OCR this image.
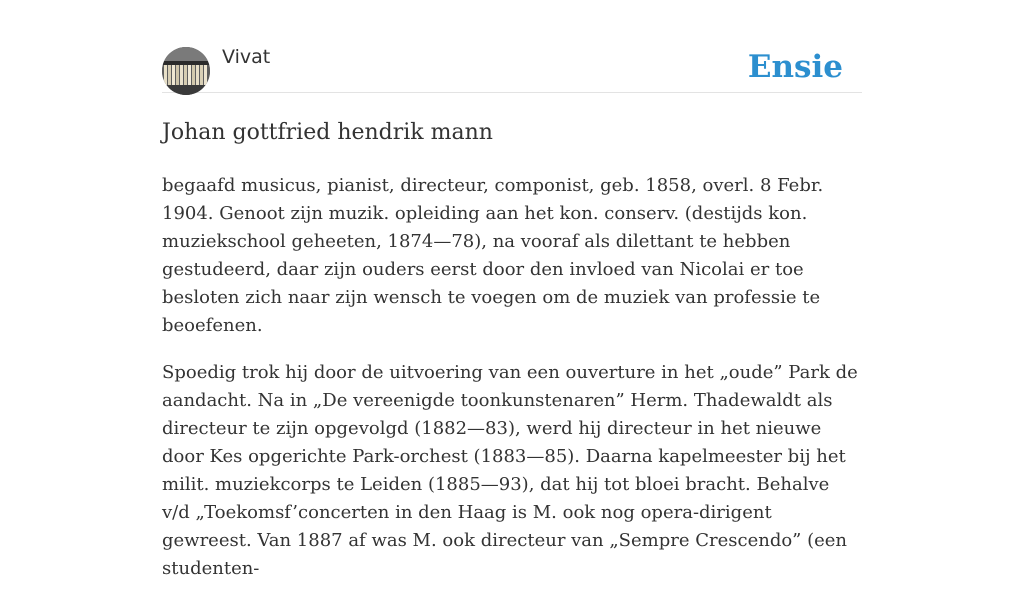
Vivat	Ensie
Johan gottfried hendrik mann

begaafd musicus, pianist, directeur, componist, geb. 1858, overl. 8 Febr. 1904. Genoot zijn muzik. opleiding aan het kon. conserv. (destijds kon. muziekschool geheeten, 1874—78), na vooraf als dilettant te hebben gestudeerd, daar zijn ouders eerst door den invloed van Nicolai er toe besloten zich naar zijn wensch te voegen om de muziek van professie te beoefenen.

Spoedig trok hij door de uitvoering van een ouverture in het „oude” Park de aandacht. Na in „De vereenigde toonkunstenaren” Herm. Thadewaldt als directeur te zijn opgevolgd (1882—83), werd hij directeur in het nieuwe door Kes opgerichte Park-orchest (1883—85). Daarna kapelmeester bij het milit. muziekcorps te Leiden (1885—93), dat hij tot bloei bracht. Behalve v/d „Toekomsf’concerten in den Haag is M. ook nog opera-dirigent gewreest. Van 1887 af was M. ook directeur van „Sempre Crescendo” (een studenten-
